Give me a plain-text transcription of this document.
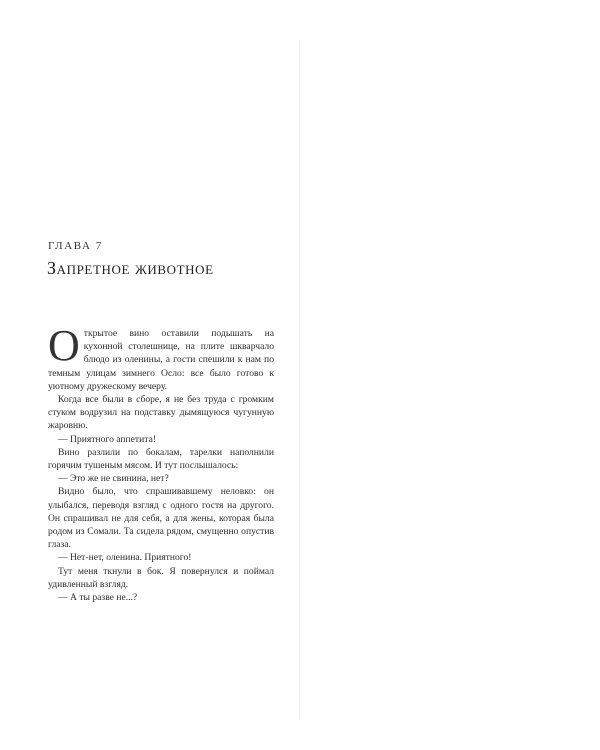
ГЛАВА 7
Запретное животное

Открытое вино оставили подышать на кухонной столешнице, на плите шкварчало блюдо из оленины, а гости спешили к нам по темным улицам зимнего Осло: все было готово к уютному дружескому вечеру.

Когда все были в сборе, я не без труда с громким стуком водрузил на подставку дымящуюся чугунную жаровню.

— Приятного аппетита!

Вино разлили по бокалам, тарелки наполнили горячим тушеным мясом. И тут послышалось:

— Это же не свинина, нет?

Видно было, что спрашивавшему неловко: он улыбался, переводя взгляд с одного гостя на другого. Он спрашивал не для себя, а для жены, которая была родом из Сомали. Та сидела рядом, смущенно опустив глаза.

— Нет-нет, оленина. Приятного!

Тут меня ткнули в бок. Я повернулся и поймал удивленный взгляд.

— А ты разве не...?
